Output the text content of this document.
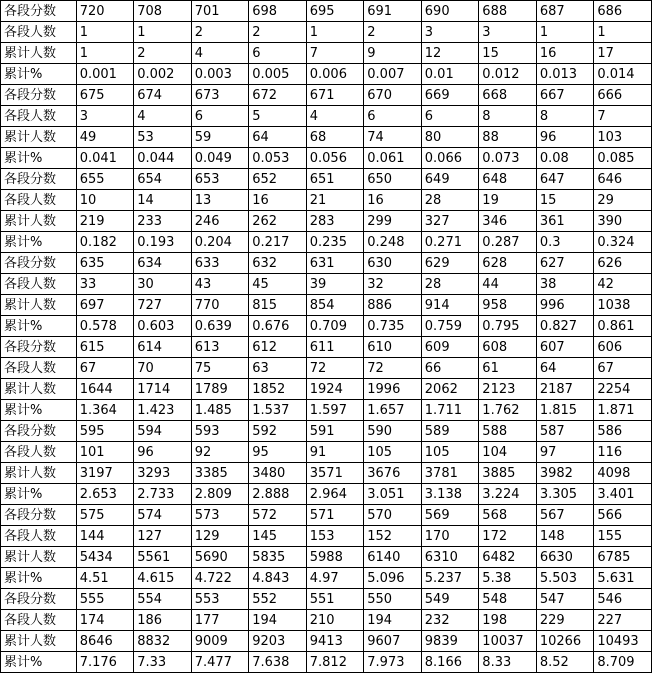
各段分数	720	708	701	698	695	691	690	688	687	686
各段人数	1	1	2	2	1	2	3	3	1	1
累计人数	1	2	4	6	7	9	12	15	16	17
累计%	0.001	0.002	0.003	0.005	0.006	0.007	0.01	0.012	0.013	0.014
各段分数	675	674	673	672	671	670	669	668	667	666
各段人数	3	4	6	5	4	6	6	8	8	7
累计人数	49	53	59	64	68	74	80	88	96	103
累计%	0.041	0.044	0.049	0.053	0.056	0.061	0.066	0.073	0.08	0.085
各段分数	655	654	653	652	651	650	649	648	647	646
各段人数	10	14	13	16	21	16	28	19	15	29
累计人数	219	233	246	262	283	299	327	346	361	390
累计%	0.182	0.193	0.204	0.217	0.235	0.248	0.271	0.287	0.3	0.324
各段分数	635	634	633	632	631	630	629	628	627	626
各段人数	33	30	43	45	39	32	28	44	38	42
累计人数	697	727	770	815	854	886	914	958	996	1038
累计%	0.578	0.603	0.639	0.676	0.709	0.735	0.759	0.795	0.827	0.861
各段分数	615	614	613	612	611	610	609	608	607	606
各段人数	67	70	75	63	72	72	66	61	64	67
累计人数	1644	1714	1789	1852	1924	1996	2062	2123	2187	2254
累计%	1.364	1.423	1.485	1.537	1.597	1.657	1.711	1.762	1.815	1.871
各段分数	595	594	593	592	591	590	589	588	587	586
各段人数	101	96	92	95	91	105	105	104	97	116
累计人数	3197	3293	3385	3480	3571	3676	3781	3885	3982	4098
累计%	2.653	2.733	2.809	2.888	2.964	3.051	3.138	3.224	3.305	3.401
各段分数	575	574	573	572	571	570	569	568	567	566
各段人数	144	127	129	145	153	152	170	172	148	155
累计人数	5434	5561	5690	5835	5988	6140	6310	6482	6630	6785
累计%	4.51	4.615	4.722	4.843	4.97	5.096	5.237	5.38	5.503	5.631
各段分数	555	554	553	552	551	550	549	548	547	546
各段人数	174	186	177	194	210	194	232	198	229	227
累计人数	8646	8832	9009	9203	9413	9607	9839	10037	10266	10493
累计%	7.176	7.33	7.477	7.638	7.812	7.973	8.166	8.33	8.52	8.709
